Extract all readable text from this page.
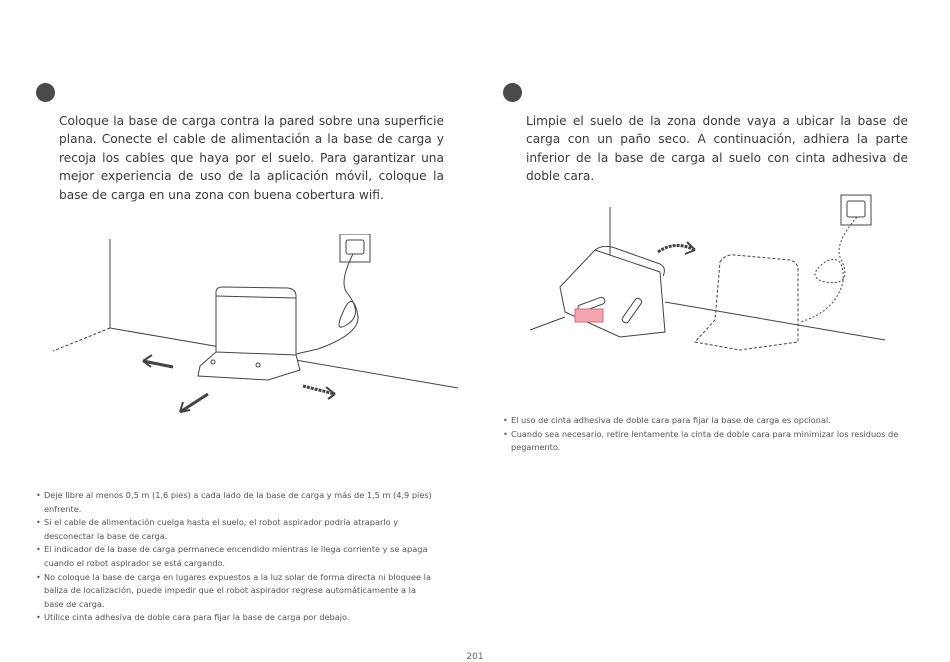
Coloque la base de carga contra la pared sobre una superficie plana. Conecte el cable de alimentación a la base de carga y recoja los cables que haya por el suelo. Para garantizar una mejor experiencia de uso de la aplicación móvil, coloque la base de carga en una zona con buena cobertura wifi.

• Deje libre al menos 0,5 m (1,6 pies) a cada lado de la base de carga y más de 1,5 m (4,9 pies) enfrente.
• Si el cable de alimentación cuelga hasta el suelo, el robot aspirador podría atraparlo y desconectar la base de carga.
• El indicador de la base de carga permanece encendido mientras le llega corriente y se apaga cuando el robot aspirador se está cargando.
• No coloque la base de carga en lugares expuestos a la luz solar de forma directa ni bloquee la baliza de localización, puede impedir que el robot aspirador regrese automáticamente a la base de carga.
• Utilice cinta adhesiva de doble cara para fijar la base de carga por debajo.

Limpie el suelo de la zona donde vaya a ubicar la base de carga con un paño seco. A continuación, adhiera la parte inferior de la base de carga al suelo con cinta adhesiva de doble cara.

• El uso de cinta adhesiva de doble cara para fijar la base de carga es opcional.
• Cuando sea necesario, retire lentamente la cinta de doble cara para minimizar los residuos de pegamento.
201
